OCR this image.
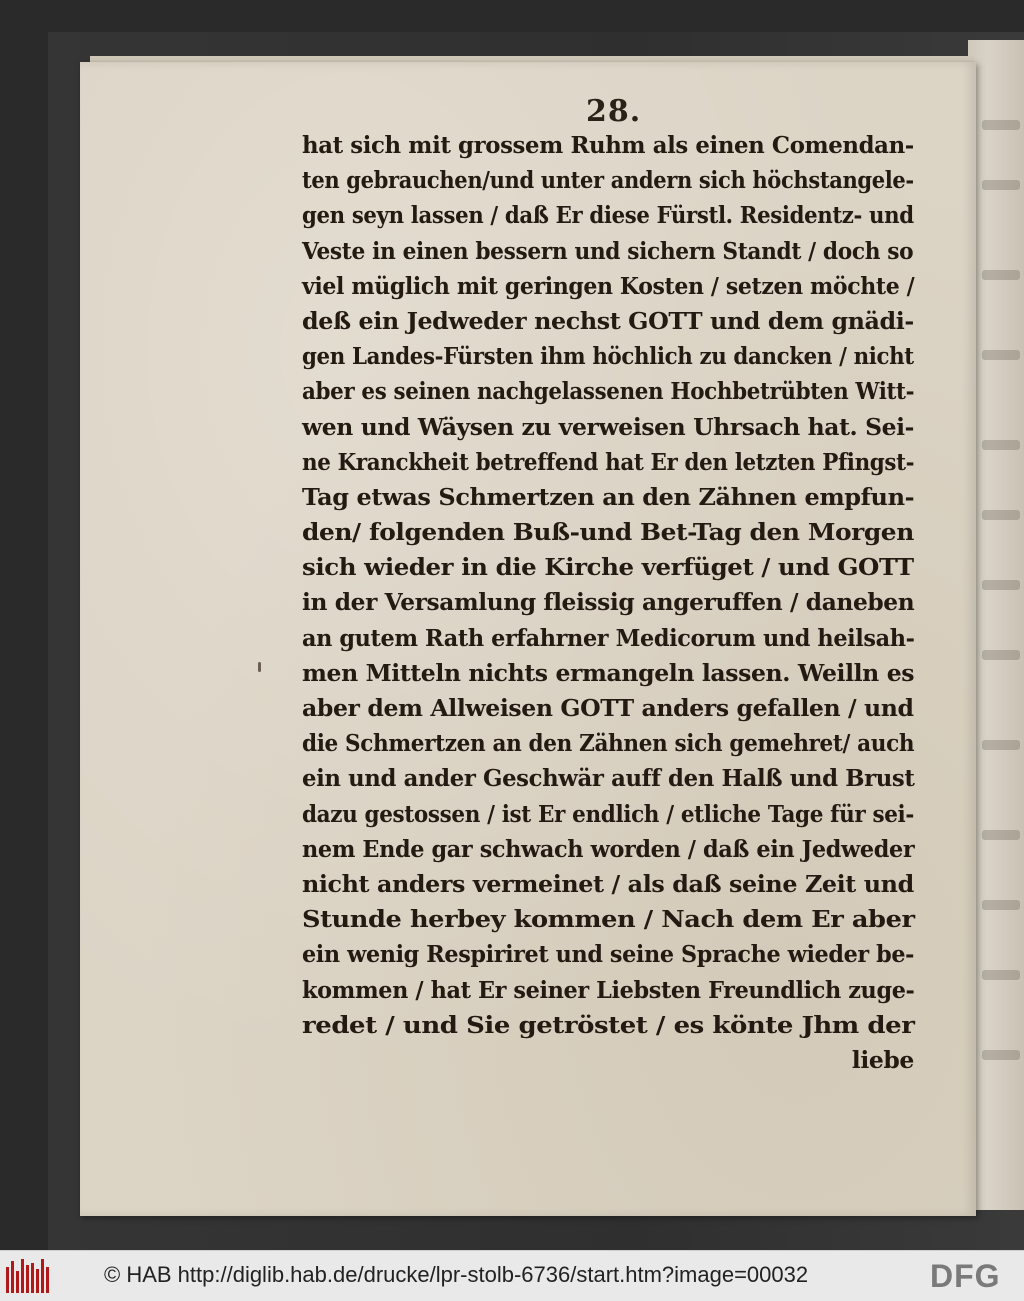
28.
hat sich mit grossem Ruhm als einen Comendan-
ten gebrauchen/und unter andern sich höchstangele-
gen seyn lassen / daß Er diese Fürstl. Residentz- und
Veste in einen bessern und sichern Standt / doch so
viel müglich mit geringen Kosten / setzen möchte /
deß ein Jedweder nechst GOTT und dem gnädi-
gen Landes-Fürsten ihm höchlich zu dancken / nicht
aber es seinen nachgelassenen Hochbetrübten Witt-
wen und Wäysen zu verweisen Uhrsach hat. Sei-
ne Kranckheit betreffend hat Er den letzten Pfingst-
Tag etwas Schmertzen an den Zähnen empfun-
den/ folgenden Buß-und Bet-Tag den Morgen
sich wieder in die Kirche verfüget / und GOTT
in der Versamlung fleissig angeruffen / daneben
an gutem Rath erfahrner Medicorum und heilsah-
men Mitteln nichts ermangeln lassen. Weilln es
aber dem Allweisen GOTT anders gefallen / und
die Schmertzen an den Zähnen sich gemehret/ auch
ein und ander Geschwär auff den Halß und Brust
dazu gestossen / ist Er endlich / etliche Tage für sei-
nem Ende gar schwach worden / daß ein Jedweder
nicht anders vermeinet / als daß seine Zeit und
Stunde herbey kommen / Nach dem Er aber
ein wenig Respiriret und seine Sprache wieder be-
kommen / hat Er seiner Liebsten Freundlich zuge-
redet / und Sie getröstet / es könte Jhm der
liebe
© HAB http://diglib.hab.de/drucke/lpr-stolb-6736/start.htm?image=00032	DFG
